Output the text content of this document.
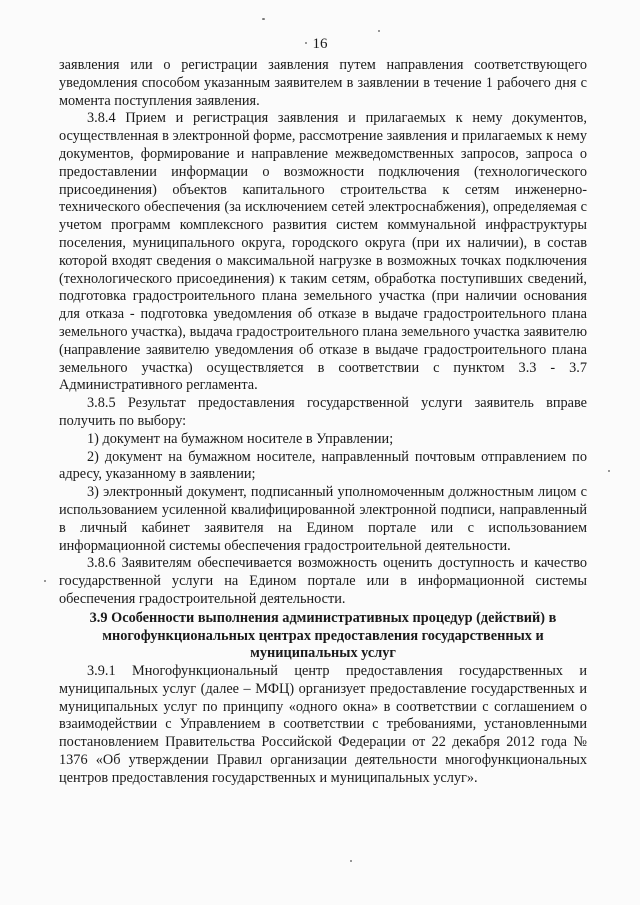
16

заявления или о регистрации заявления путем направления соответствующего уведомления способом указанным заявителем в заявлении в течение 1 рабочего дня с момента поступления заявления.

3.8.4 Прием и регистрация заявления и прилагаемых к нему документов, осуществленная в электронной форме, рассмотрение заявления и прилагаемых к нему документов, формирование и направление межведомственных запросов, запроса о предоставлении информации о возможности подключения (технологического присоединения) объектов капитального строительства к сетям инженерно-технического обеспечения (за исключением сетей электроснабжения), определяемая с учетом программ комплексного развития систем коммунальной инфраструктуры поселения, муниципального округа, городского округа (при их наличии), в состав которой входят сведения о максимальной нагрузке в возможных точках подключения (технологического присоединения) к таким сетям, обработка поступивших сведений, подготовка градостроительного плана земельного участка (при наличии основания для отказа - подготовка уведомления об отказе в выдаче градостроительного плана земельного участка), выдача градостроительного плана земельного участка заявителю (направление заявителю уведомления об отказе в выдаче градостроительного плана земельного участка) осуществляется в соответствии с пунктом 3.3 - 3.7 Административного регламента.

3.8.5 Результат предоставления государственной услуги заявитель вправе получить по выбору:

1) документ на бумажном носителе в Управлении;

2) документ на бумажном носителе, направленный почтовым отправлением по адресу, указанному в заявлении;

3) электронный документ, подписанный уполномоченным должностным лицом с использованием усиленной квалифицированной электронной подписи, направленный в личный кабинет заявителя на Едином портале или с использованием информационной системы обеспечения градостроительной деятельности.

3.8.6 Заявителям обеспечивается возможность оценить доступность и качество государственной услуги на Едином портале или в информационной системы обеспечения градостроительной деятельности.

3.9 Особенности выполнения административных процедур (действий) в многофункциональных центрах предоставления государственных и муниципальных услуг

3.9.1 Многофункциональный центр предоставления государственных и муниципальных услуг (далее – МФЦ) организует предоставление государственных и муниципальных услуг по принципу «одного окна» в соответствии с соглашением о взаимодействии с Управлением в соответствии с требованиями, установленными постановлением Правительства Российской Федерации от 22 декабря 2012 года № 1376 «Об утверждении Правил организации деятельности многофункциональных центров предоставления государственных и муниципальных услуг».
